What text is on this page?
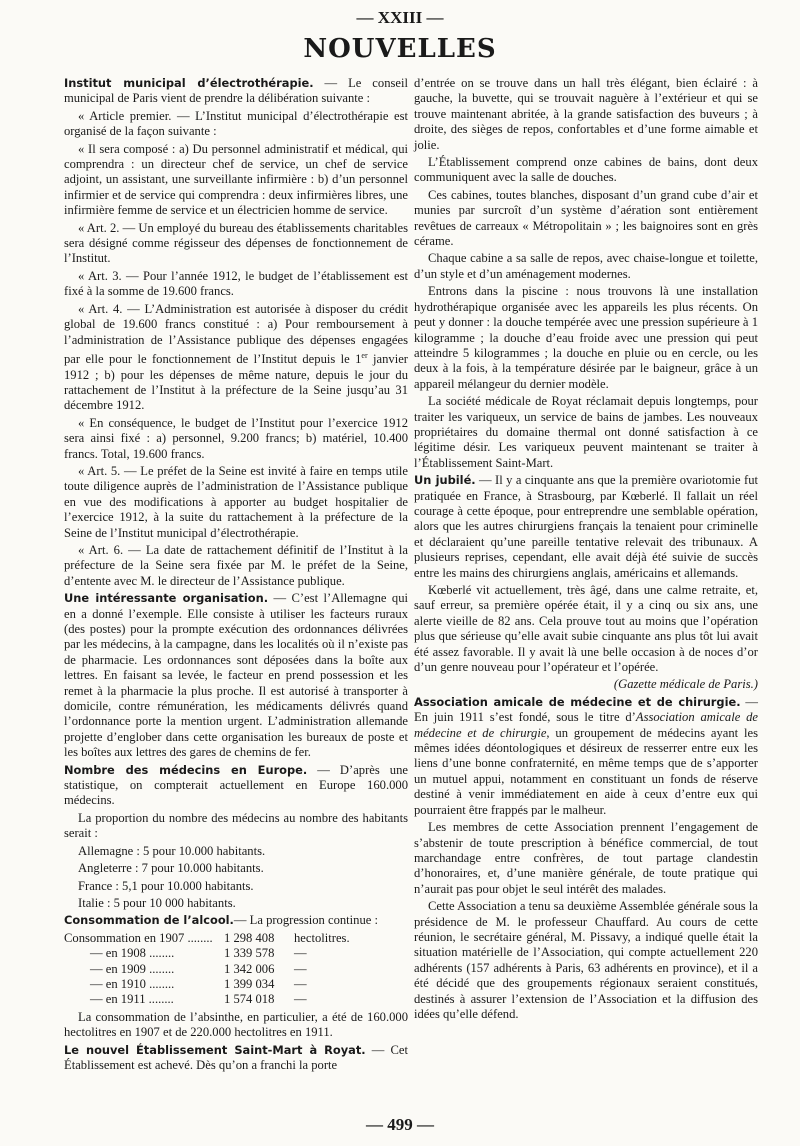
— XXIII —
NOUVELLES

Institut municipal d’électrothérapie. — Le conseil municipal de Paris vient de prendre la délibération suivante :

« Article premier. — L’Institut municipal d’électrothérapie est organisé de la façon suivante :

« Il sera composé : a) Du personnel administratif et médical, qui comprendra : un directeur chef de service, un chef de service adjoint, un assistant, une surveillante infirmière : b) d’un personnel infirmier et de service qui comprendra : deux infirmières libres, une infirmière femme de service et un électricien homme de service.

« Art. 2. — Un employé du bureau des établissements charitables sera désigné comme régisseur des dépenses de fonctionnement de l’Institut.

« Art. 3. — Pour l’année 1912, le budget de l’établissement est fixé à la somme de 19.600 francs.

« Art. 4. — L’Administration est autorisée à disposer du crédit global de 19.600 francs constitué : a) Pour remboursement à l’administration de l’Assistance publique des dépenses engagées par elle pour le fonctionnement de l’Institut depuis le 1er janvier 1912 ; b) pour les dépenses de même nature, depuis le jour du rattachement de l’Institut à la préfecture de la Seine jusqu’au 31 décembre 1912.

« En conséquence, le budget de l’Institut pour l’exercice 1912 sera ainsi fixé : a) personnel, 9.200 francs; b) matériel, 10.400 francs. Total, 19.600 francs.

« Art. 5. — Le préfet de la Seine est invité à faire en temps utile toute diligence auprès de l’administration de l’Assistance publique en vue des modifications à apporter au budget hospitalier de l’exercice 1912, à la suite du rattachement à la préfecture de la Seine de l’Institut municipal d’électrothérapie.

« Art. 6. — La date de rattachement définitif de l’Institut à la préfecture de la Seine sera fixée par M. le préfet de la Seine, d’entente avec M. le directeur de l’Assistance publique.

Une intéressante organisation. — C’est l’Allemagne qui en a donné l’exemple. Elle consiste à utiliser les facteurs ruraux (des postes) pour la prompte exécution des ordonnances délivrées par les médecins, à la campagne, dans les localités où il n’existe pas de pharmacie. Les ordonnances sont déposées dans la boîte aux lettres. En faisant sa levée, le facteur en prend possession et les remet à la pharmacie la plus proche. Il est autorisé à transporter à domicile, contre rémunération, les médicaments délivrés quand l’ordonnance porte la mention urgent. L’administration allemande projette d’englober dans cette organisation les bureaux de poste et les boîtes aux lettres des gares de chemins de fer.

Nombre des médecins en Europe. — D’après une statistique, on compterait actuellement en Europe 160.000 médecins.

La proportion du nombre des médecins au nombre des habitants serait :

Allemagne : 5 pour 10.000 habitants.

Angleterre : 7 pour 10.000 habitants.

France : 5,1 pour 10.000 habitants.

Italie : 5 pour 10 000 habitants.

Consommation de l’alcool.— La progression continue :

Consommation en 1907 ........ 1 298 408	hectolitres.
— en 1908 ........	1 339 578	—
— en 1909 ........	1 342 006	—
— en 1910 ........	1 399 034	—
— en 1911 ........	1 574 018	—

La consommation de l’absinthe, en particulier, a été de 160.000 hectolitres en 1907 et de 220.000 hectolitres en 1911.

Le nouvel Établissement Saint-Mart à Royat. — Cet Établissement est achevé. Dès qu’on a franchi la porte

d’entrée on se trouve dans un hall très élégant, bien éclairé : à gauche, la buvette, qui se trouvait naguère à l’extérieur et qui se trouve maintenant abritée, à la grande satisfaction des buveurs ; à droite, des sièges de repos, confortables et d’une forme aimable et jolie.

L’Établissement comprend onze cabines de bains, dont deux communiquent avec la salle de douches.

Ces cabines, toutes blanches, disposant d’un grand cube d’air et munies par surcroît d’un système d’aération sont entièrement revêtues de carreaux « Métropolitain » ; les baignoires sont en grès cérame.

Chaque cabine a sa salle de repos, avec chaise-longue et toilette, d’un style et d’un aménagement modernes.

Entrons dans la piscine : nous trouvons là une installation hydrothérapique organisée avec les appareils les plus récents. On peut y donner : la douche tempérée avec une pression supérieure à 1 kilogramme ; la douche d’eau froide avec une pression qui peut atteindre 5 kilogrammes ; la douche en pluie ou en cercle, ou les deux à la fois, à la température désirée par le baigneur, grâce à un appareil mélangeur du dernier modèle.

La société médicale de Royat réclamait depuis longtemps, pour traiter les variqueux, un service de bains de jambes. Les nouveaux propriétaires du domaine thermal ont donné satisfaction à ce légitime désir. Les variqueux peuvent maintenant se traiter à l’Établissement Saint-Mart.

Un jubilé. — Il y a cinquante ans que la première ovariotomie fut pratiquée en France, à Strasbourg, par Kœberlé. Il fallait un réel courage à cette époque, pour entreprendre une semblable opération, alors que les autres chirurgiens français la tenaient pour criminelle et déclaraient qu’une pareille tentative relevait des tribunaux. A plusieurs reprises, cependant, elle avait déjà été suivie de succès entre les mains des chirurgiens anglais, américains et allemands.

Kœberlé vit actuellement, très âgé, dans une calme retraite, et, sauf erreur, sa première opérée était, il y a cinq ou six ans, une alerte vieille de 82 ans. Cela prouve tout au moins que l’opération plus que sérieuse qu’elle avait subie cinquante ans plus tôt lui avait été assez favorable. Il y avait là une belle occasion à de noces d’or d’un genre nouveau pour l’opérateur et l’opérée.

(Gazette médicale de Paris.)

Association amicale de médecine et de chirurgie. — En juin 1911 s’est fondé, sous le titre d’Association amicale de médecine et de chirurgie, un groupement de médecins ayant les mêmes idées déontologiques et désireux de resserrer entre eux les liens d’une bonne confraternité, en même temps que de s’apporter un mutuel appui, notamment en constituant un fonds de réserve destiné à venir immédiatement en aide à ceux d’entre eux qui pourraient être frappés par le malheur.

Les membres de cette Association prennent l’engagement de s’abstenir de toute prescription à bénéfice commercial, de tout marchandage entre confrères, de tout partage clandestin d’honoraires, et, d’une manière générale, de toute pratique qui n’aurait pas pour objet le seul intérêt des malades.

Cette Association a tenu sa deuxième Assemblée générale sous la présidence de M. le professeur Chauffard. Au cours de cette réunion, le secrétaire général, M. Pissavy, a indiqué quelle était la situation matérielle de l’Association, qui compte actuellement 220 adhérents (157 adhérents à Paris, 63 adhérents en province), et il a été décidé que des groupements régionaux seraient constitués, destinés à assurer l’extension de l’Association et la diffusion des idées qu’elle défend.

— 499 —
